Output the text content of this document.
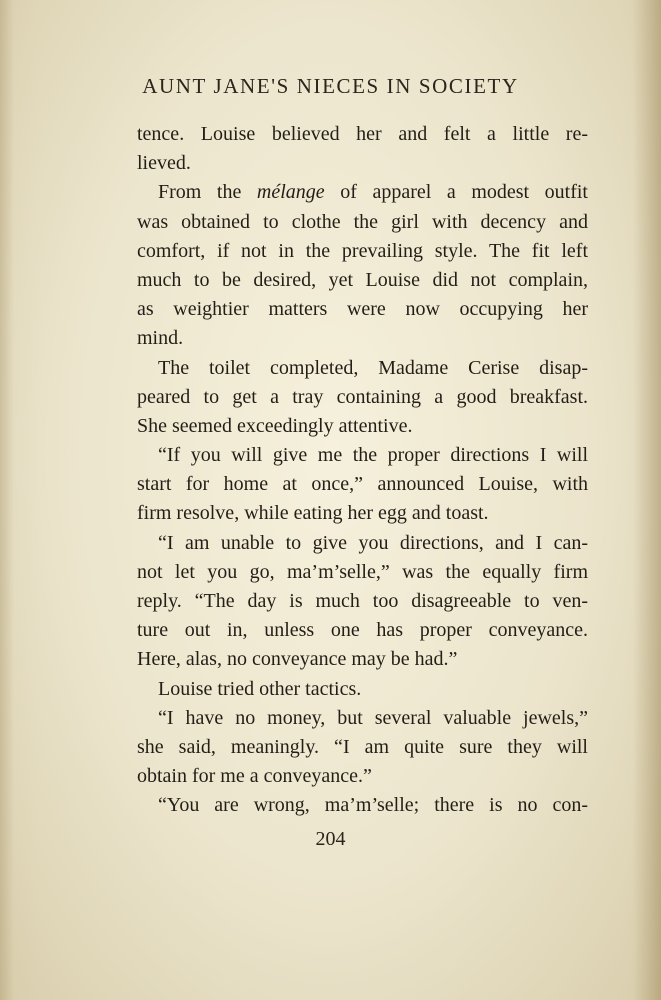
AUNT JANE'S NIECES IN SOCIETY
tence. Louise believed her and felt a little re-
lieved.
From the mélange of apparel a modest outfit
was obtained to clothe the girl with decency and
comfort, if not in the prevailing style. The fit left
much to be desired, yet Louise did not complain,
as weightier matters were now occupying her
mind.
The toilet completed, Madame Cerise disap-
peared to get a tray containing a good breakfast.
She seemed exceedingly attentive.
“If you will give me the proper directions I will
start for home at once,” announced Louise, with
firm resolve, while eating her egg and toast.
“I am unable to give you directions, and I can-
not let you go, ma’m’selle,” was the equally firm
reply. “The day is much too disagreeable to ven-
ture out in, unless one has proper conveyance.
Here, alas, no conveyance may be had.”
Louise tried other tactics.
“I have no money, but several valuable jewels,”
she said, meaningly. “I am quite sure they will
obtain for me a conveyance.”
“You are wrong, ma’m’selle; there is no con-
204
